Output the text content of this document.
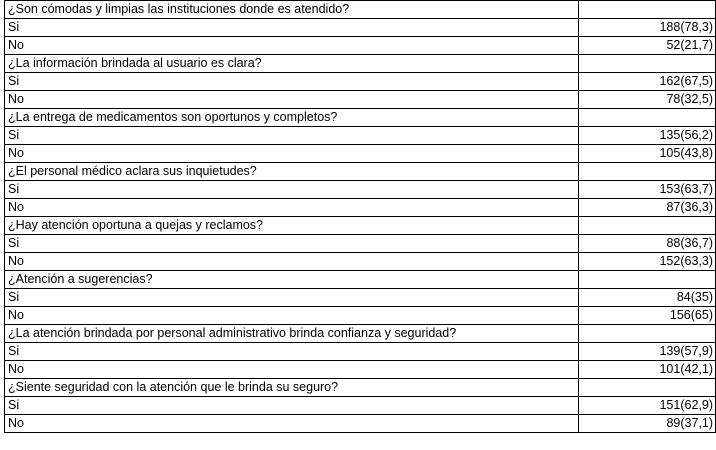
¿Son cómodas y limpias las instituciones donde es atendido?	
Si	188(78,3)
No	52(21,7)
¿La información brindada al usuario es clara?	
Si	162(67,5)
No	78(32,5)
¿La entrega de medicamentos son oportunos y completos?	
Si	135(56,2)
No	105(43,8)
¿El personal médico aclara sus inquietudes?	
Si	153(63,7)
No	87(36,3)
¿Hay atención oportuna a quejas y reclamos?	
Si	88(36,7)
No	152(63,3)
¿Atención a sugerencias?	
Si	84(35)
No	156(65)
¿La atención brindada por personal administrativo brinda confianza y seguridad?	
Si	139(57,9)
No	101(42,1)
¿Siente seguridad con la atención que le brinda su seguro?	
Si	151(62,9)
No	89(37,1)
